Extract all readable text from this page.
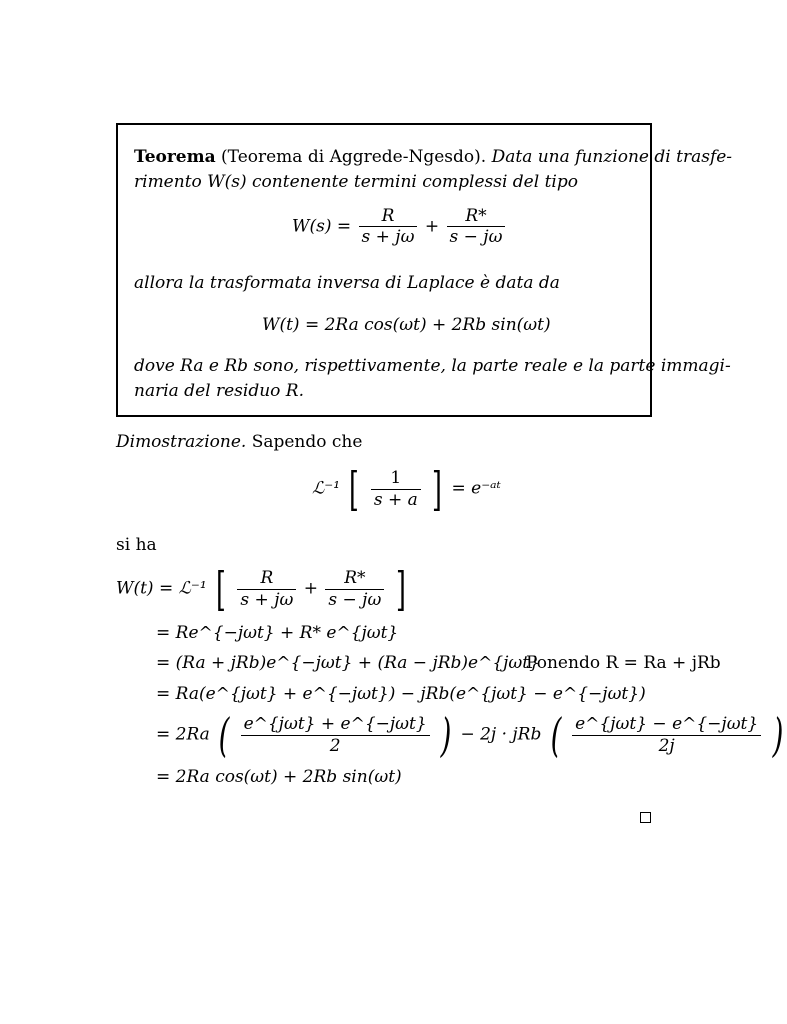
Teorema (Teorema di Aggrede-Ngesdo). Data una funzione di trasfe-
rimento W(s) contenente termini complessi del tipo
$W(s) = \frac{R}{s + j\omega} + \frac{R*}{s - j\omega}$
allora la trasformata inversa di Laplace è data da
W(t) = 2Ra cos(ωt) + 2Rb sin(ωt)
dove Ra e Rb sono, rispettivamente, la parte reale e la parte immagi-
naria del residuo R.
Dimostrazione. Sapendo che
ℒ⁻¹ [ $\frac{1}{s + a}$ ] = e⁻ᵃᵗ
si ha
W(t) = ℒ⁻¹ [ $\frac{R}{s + j\omega} + \frac{R*}{s - j\omega}$ ]
= Re^{−jωt} + R* e^{jωt}
= (Ra + jRb)e^{−jωt} + (Ra − jRb)e^{jωt}
Ponendo R = Ra + jRb
= Ra(e^{jωt} + e^{−jωt}) − jRb(e^{jωt} − e^{−jωt})
= 2Ra ( $\frac{\text{e\textasciicircum{}\{jωt\} + e\textasciicircum{}\{−jωt\}}}{2}$ ) − 2j · jRb ( $\frac{\text{e\textasciicircum{}\{jωt\} − e\textasciicircum{}\{−jωt\}}}{2j}$ )
= 2Ra cos(ωt) + 2Rb sin(ωt)
